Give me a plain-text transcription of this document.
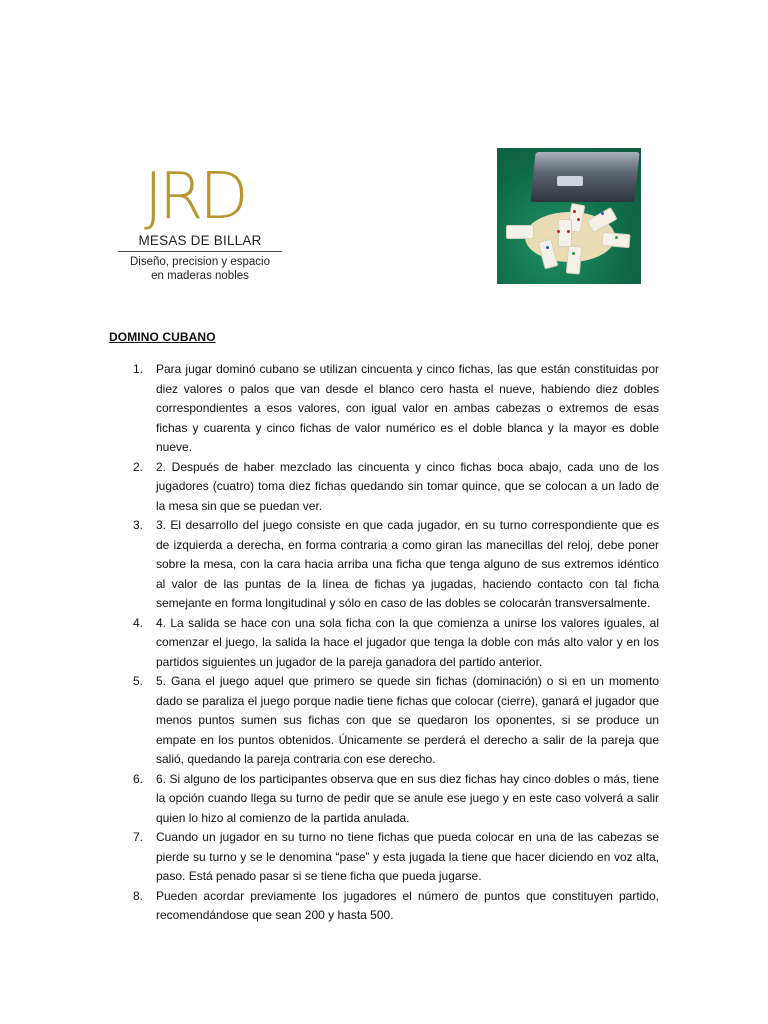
JRD
MESAS DE BILLAR
Diseño, precision y espacio
en maderas nobles
DOMINO CUBANO
1. Para jugar dominó cubano se utilizan cincuenta y cinco fichas, las que están constituidas por diez valores o palos que van desde el blanco cero hasta el nueve, habiendo diez dobles correspondientes a esos valores, con igual valor en ambas cabezas o extremos de esas fichas y cuarenta y cinco fichas de valor numérico es el doble blanca y la mayor es doble nueve.
2. 2. Después de haber mezclado las cincuenta y cinco fichas boca abajo, cada uno de los jugadores (cuatro) toma diez fichas quedando sin tomar quince, que se colocan a un lado de la mesa sin que se puedan ver.
3. 3. El desarrollo del juego consiste en que cada jugador, en su turno correspondiente que es de izquierda a derecha, en forma contraria a como giran las manecillas del reloj, debe poner sobre la mesa, con la cara hacia arriba una ficha que tenga alguno de sus extremos idéntico al valor de las puntas de la línea de fichas ya jugadas, haciendo contacto con tal ficha semejante en forma longitudinal y sólo en caso de las dobles se colocarán transversalmente.
4. 4. La salida se hace con una sola ficha con la que comienza a unirse los valores iguales, al comenzar el juego, la salida la hace el jugador que tenga la doble con más alto valor y en los partidos siguientes un jugador de la pareja ganadora del partido anterior.
5. 5. Gana el juego aquel que primero se quede sin fichas (dominación) o si en un momento dado se paraliza el juego porque nadie tiene fichas que colocar (cierre), ganará el jugador que menos puntos sumen sus fichas con que se quedaron los oponentes, si se produce un empate en los puntos obtenidos. Únicamente se perderá el derecho a salir de la pareja que salió, quedando la pareja contraria con ese derecho.
6. 6. Si alguno de los participantes observa que en sus diez fichas hay cinco dobles o más, tiene la opción cuando llega su turno de pedir que se anule ese juego y en este caso volverá a salir quien lo hizo al comienzo de la partida anulada.
7. Cuando un jugador en su turno no tiene fichas que pueda colocar en una de las cabezas se pierde su turno y se le denomina “pase” y esta jugada la tiene que hacer diciendo en voz alta, paso. Está penado pasar si se tiene ficha que pueda jugarse.
8. Pueden acordar previamente los jugadores el número de puntos que constituyen partido, recomendándose que sean 200 y hasta 500.
